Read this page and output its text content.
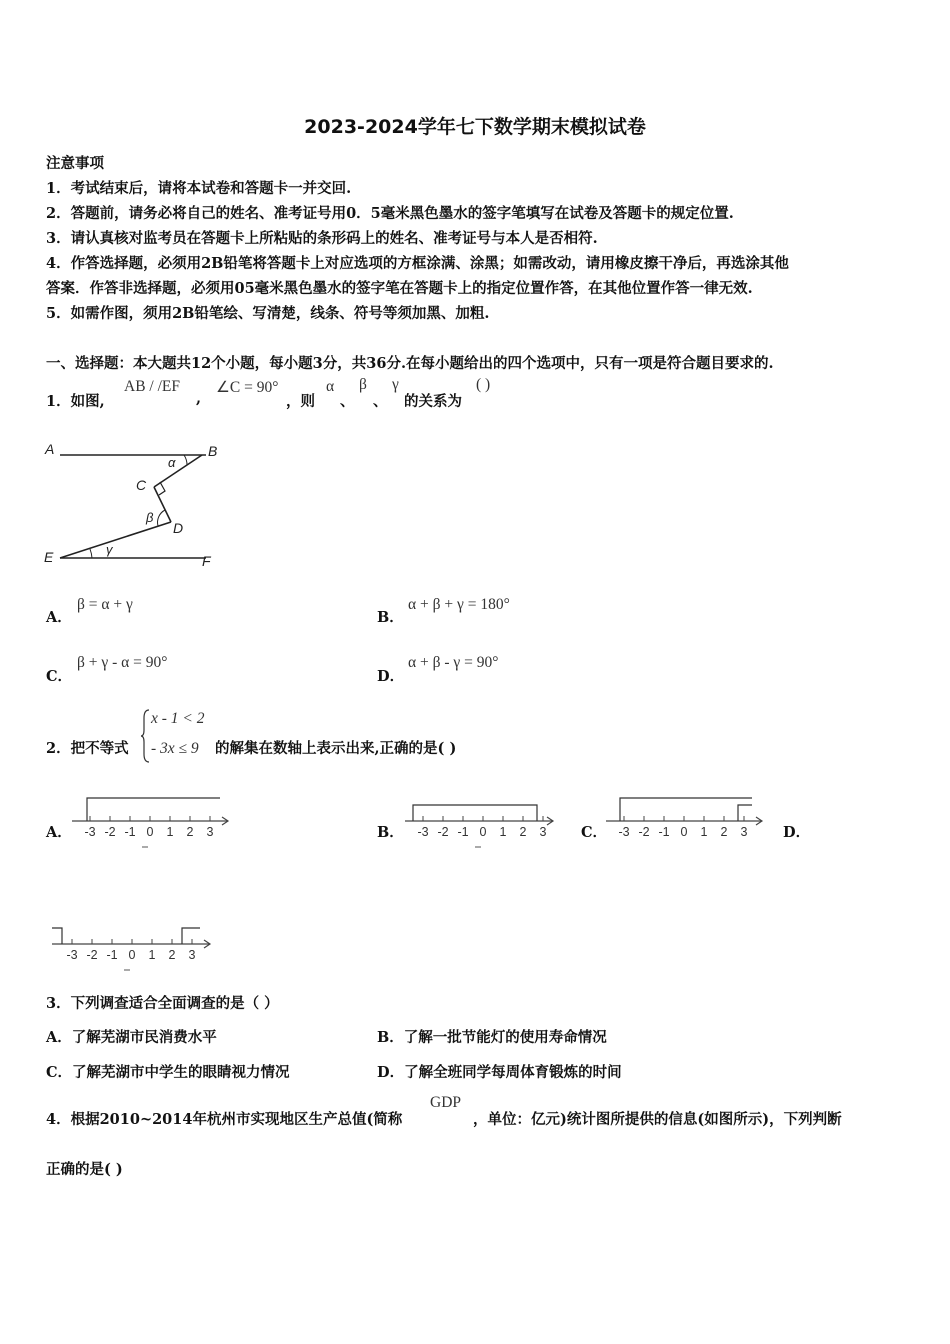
2023-2024学年七下数学期末模拟试卷
注意事项
1．考试结束后，请将本试卷和答题卡一并交回.
2．答题前，请务必将自己的姓名、准考证号用0．5毫米黑色墨水的签字笔填写在试卷及答题卡的规定位置.
3．请认真核对监考员在答题卡上所粘贴的条形码上的姓名、准考证号与本人是否相符.
4．作答选择题，必须用2B铅笔将答题卡上对应选项的方框涂满、涂黑；如需改动，请用橡皮擦干净后，再选涂其他
答案．作答非选择题，必须用05毫米黑色墨水的签字笔在答题卡上的指定位置作答，在其他位置作答一律无效.
5．如需作图，须用2B铅笔绘、写清楚，线条、符号等须加黑、加粗.
一、选择题：本大题共12个小题，每小题3分，共36分.在每小题给出的四个选项中，只有一项是符合题目要求的.
1．如图,
AB / /EF
,
∠C = 90°
，则
α
、
β
、
γ
的关系为
( )
A	B
C
D
E	F
α
β
γ
A．
β = α + γ
B．
α + β + γ = 180°
C．
β + γ - α = 90°
D．
α + β - γ = 90°
2．把不等式
x - 1 < 2
- 3x ≤ 9 的解集在数轴上表示出来,正确的是( )
A． -3 -2 -1 0 1 2 3	B． -3 -2 -1 0 1 2 3 C． -3 -2 -1 0 1 2 3 D．
-3 -2 -1 0 1 2 3
3．下列调查适合全面调查的是（ ）
A．了解芜湖市民消费水平	B．了解一批节能灯的使用寿命情况
C．了解芜湖市中学生的眼睛视力情况	D．了解全班同学每周体育锻炼的时间
4．根据2010~2014年杭州市实现地区生产总值(简称
GDP
，单位：亿元)统计图所提供的信息(如图所示)，下列判断
正确的是( )
